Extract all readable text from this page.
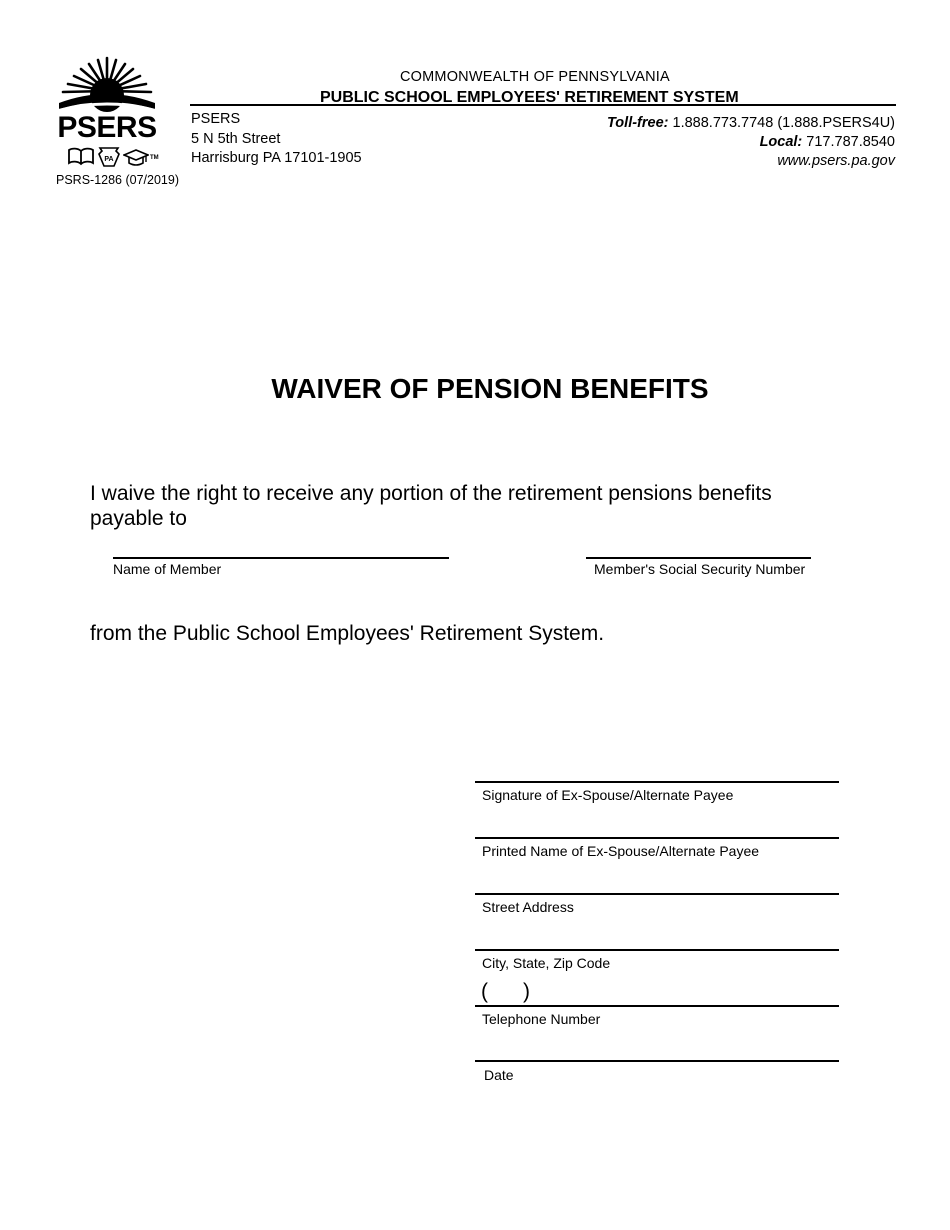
PSERS
PA	TM
PSRS-1286 (07/2019)
COMMONWEALTH OF PENNSYLVANIA
PUBLIC SCHOOL EMPLOYEES' RETIREMENT SYSTEM
PSERS
5 N 5th Street
Harrisburg PA 17101-1905
Toll-free: 1.888.773.7748 (1.888.PSERS4U)
Local: 717.787.8540
www.psers.pa.gov
WAIVER OF PENSION BENEFITS
I waive the right to receive any portion of the retirement pensions benefits payable to
Name of Member	Member's Social Security Number
from the Public School Employees' Retirement System.
Signature of Ex-Spouse/Alternate Payee
Printed Name of Ex-Spouse/Alternate Payee
Street Address
City, State, Zip Code
(      )
Telephone Number
Date
